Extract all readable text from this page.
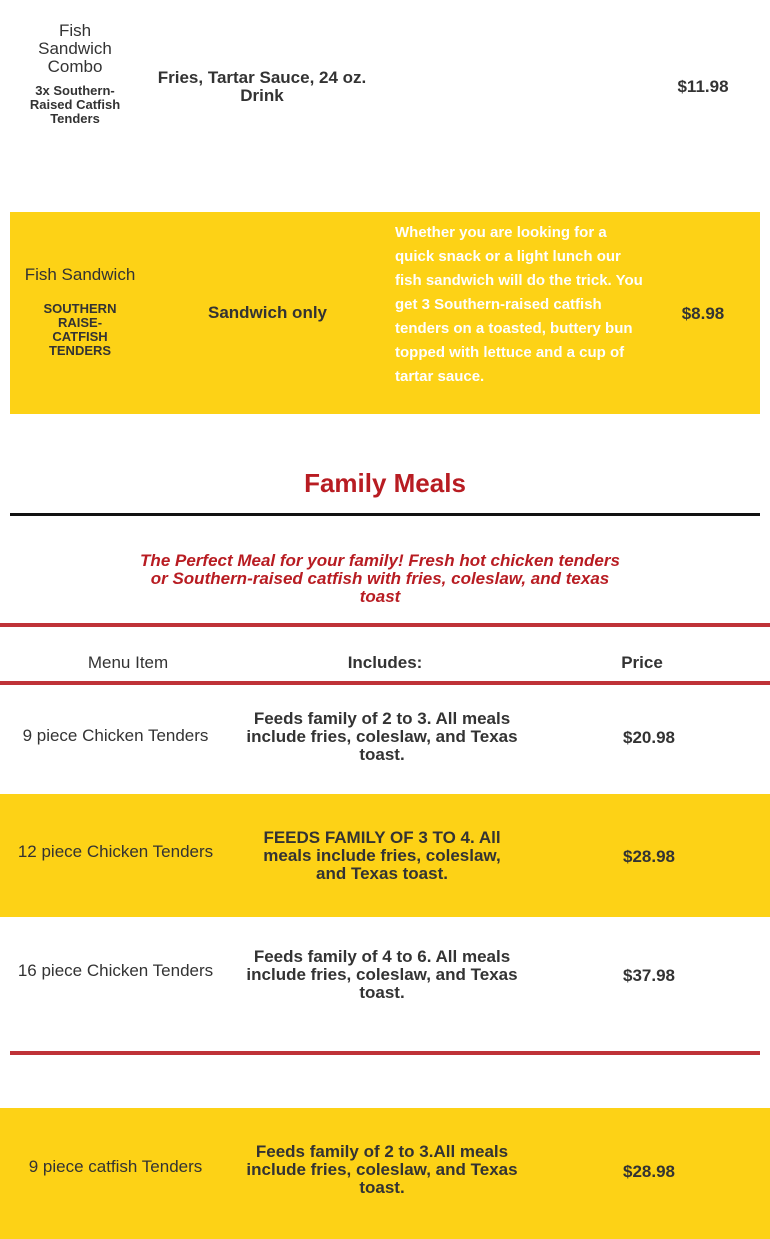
Fish Sandwich Combo
3x Southern-Raised Catfish Tenders
Fries, Tartar Sauce, 24 oz. Drink
Handheld and ready to go! Our delicious fried Southern-raised catfish is served dressed with French fries, a side of tartar sauce and 24 oz drink for when you need FishNChick on the run!
$11.98
Fish Sandwich
SOUTHERN RAISE-CATFISH TENDERS
Sandwich only
Whether you are looking for a quick snack or a light lunch our fish sandwich will do the trick. You get 3 Southern-raised catfish tenders on a toasted, buttery bun topped with lettuce and a cup of tartar sauce.
$8.98
Family Meals
The Perfect Meal for your family! Fresh hot chicken tenders or Southern-raised catfish with fries, coleslaw, and texas toast
Menu Item	Includes:	Price
9 piece Chicken Tenders
Feeds family of 2 to 3. All meals include fries, coleslaw, and Texas toast.
$20.98
12 piece Chicken Tenders
FEEDS FAMILY OF 3 TO 4. All meals include fries, coleslaw, and Texas toast.
$28.98
16 piece Chicken Tenders
Feeds family of 4 to 6. All meals include fries, coleslaw, and Texas toast.
$37.98
9 piece catfish Tenders
Feeds family of 2 to 3.All meals include fries, coleslaw, and Texas toast.
$28.98
